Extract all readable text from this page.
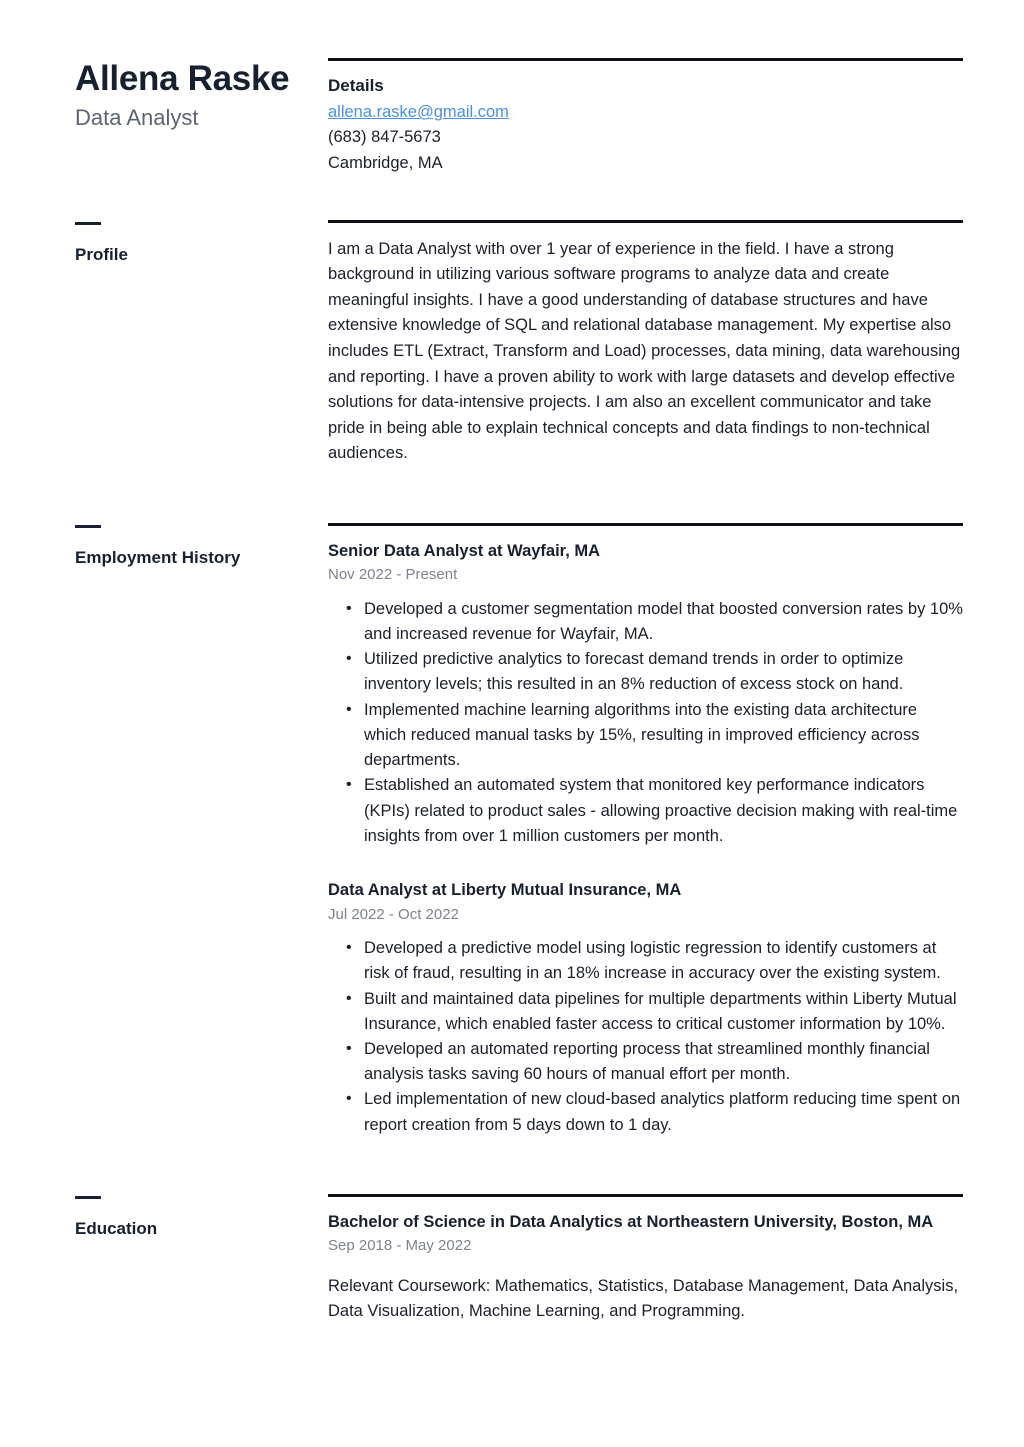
Allena Raske
Data Analyst
Details
allena.raske@gmail.com
(683) 847-5673
Cambridge, MA
Profile	I am a Data Analyst with over 1 year of experience in the field. I have a strong background in utilizing various software programs to analyze data and create meaningful insights. I have a good understanding of database structures and have extensive knowledge of SQL and relational database management. My expertise also includes ETL (Extract, Transform and Load) processes, data mining, data warehousing and reporting. I have a proven ability to work with large datasets and develop effective solutions for data-intensive projects. I am also an excellent communicator and take pride in being able to explain technical concepts and data findings to non-technical audiences.

Employment History	Senior Data Analyst at Wayfair, MA
Nov 2022 - Present
• Developed a customer segmentation model that boosted conversion rates by 10% and increased revenue for Wayfair, MA.
• Utilized predictive analytics to forecast demand trends in order to optimize inventory levels; this resulted in an 8% reduction of excess stock on hand.
• Implemented machine learning algorithms into the existing data architecture which reduced manual tasks by 15%, resulting in improved efficiency across departments.
• Established an automated system that monitored key performance indicators (KPIs) related to product sales - allowing proactive decision making with real-time insights from over 1 million customers per month.
Data Analyst at Liberty Mutual Insurance, MA
Jul 2022 - Oct 2022
• Developed a predictive model using logistic regression to identify customers at risk of fraud, resulting in an 18% increase in accuracy over the existing system.
• Built and maintained data pipelines for multiple departments within Liberty Mutual Insurance, which enabled faster access to critical customer information by 10%.
• Developed an automated reporting process that streamlined monthly financial analysis tasks saving 60 hours of manual effort per month.
• Led implementation of new cloud-based analytics platform reducing time spent on report creation from 5 days down to 1 day.
Education	Bachelor of Science in Data Analytics at Northeastern University, Boston, MA
Sep 2018 - May 2022
Relevant Coursework: Mathematics, Statistics, Database Management, Data Analysis, Data Visualization, Machine Learning, and Programming.
